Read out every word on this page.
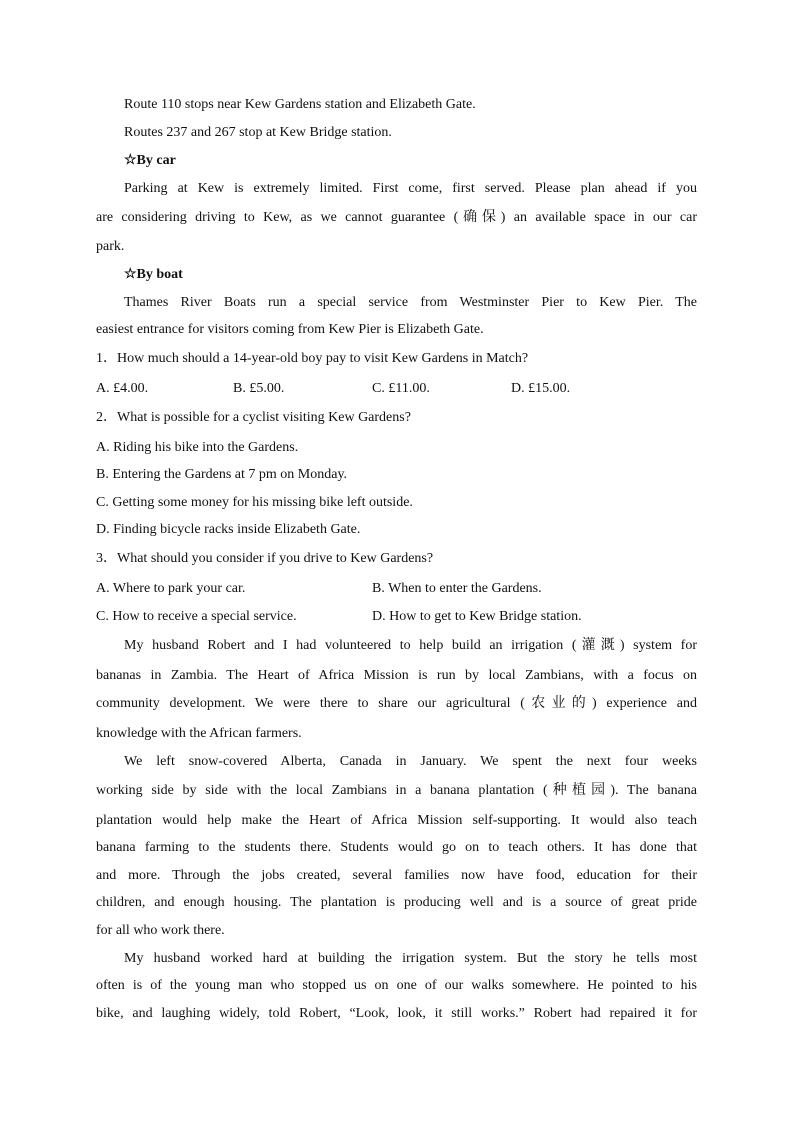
Route 110 stops near Kew Gardens station and Elizabeth Gate.
Routes 237 and 267 stop at Kew Bridge station.
☆By car
Parking at Kew is extremely limited. First come, first served. Please plan ahead if you
are considering driving to Kew, as we cannot guarantee (确保) an available space in our car
park.
☆By boat
Thames River Boats run a special service from Westminster Pier to Kew Pier. The
easiest entrance for visitors coming from Kew Pier is Elizabeth Gate.
1．How much should a 14-year-old boy pay to visit Kew Gardens in Match?
A. £4.00.	B. £5.00.	C. £11.00.	D. £15.00.
2．What is possible for a cyclist visiting Kew Gardens?
A. Riding his bike into the Gardens.
B. Entering the Gardens at 7 pm on Monday.
C. Getting some money for his missing bike left outside.
D. Finding bicycle racks inside Elizabeth Gate.
3．What should you consider if you drive to Kew Gardens?
A. Where to park your car.	B. When to enter the Gardens.
C. How to receive a special service.	D. How to get to Kew Bridge station.
My husband Robert and I had volunteered to help build an irrigation (灌溉) system for
bananas in Zambia. The Heart of Africa Mission is run by local Zambians, with a focus on
community development. We were there to share our agricultural (农业的) experience and
knowledge with the African farmers.
We left snow-covered Alberta, Canada in January. We spent the next four weeks
working side by side with the local Zambians in a banana plantation (种植园). The banana
plantation would help make the Heart of Africa Mission self-supporting. It would also teach
banana farming to the students there. Students would go on to teach others. It has done that
and more. Through the jobs created, several families now have food, education for their
children, and enough housing. The plantation is producing well and is a source of great pride
for all who work there.
My husband worked hard at building the irrigation system. But the story he tells most
often is of the young man who stopped us on one of our walks somewhere. He pointed to his
bike, and laughing widely, told Robert, “Look, look, it still works.” Robert had repaired it for
